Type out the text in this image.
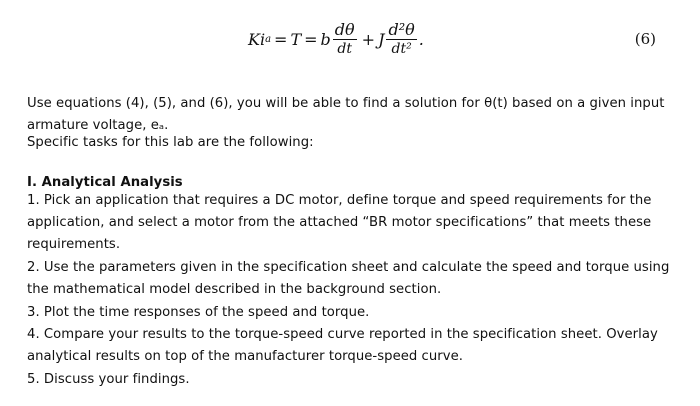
Ki a = T = b $\frac{d\theta}{dt} + J \frac{\text{d²θ}}{\text{dt²}}$ .	(6)
Use equations (4), (5), and (6), you will be able to find a solution for θ(t) based on a given input
armature voltage, eₐ.
Specific tasks for this lab are the following:
I. Analytical Analysis
1. Pick an application that requires a DC motor, define torque and speed requirements for the
application, and select a motor from the attached “BR motor specifications” that meets these
requirements.
2. Use the parameters given in the specification sheet and calculate the speed and torque using
the mathematical model described in the background section.
3. Plot the time responses of the speed and torque.
4. Compare your results to the torque-speed curve reported in the specification sheet. Overlay
analytical results on top of the manufacturer torque-speed curve.
5. Discuss your findings.
